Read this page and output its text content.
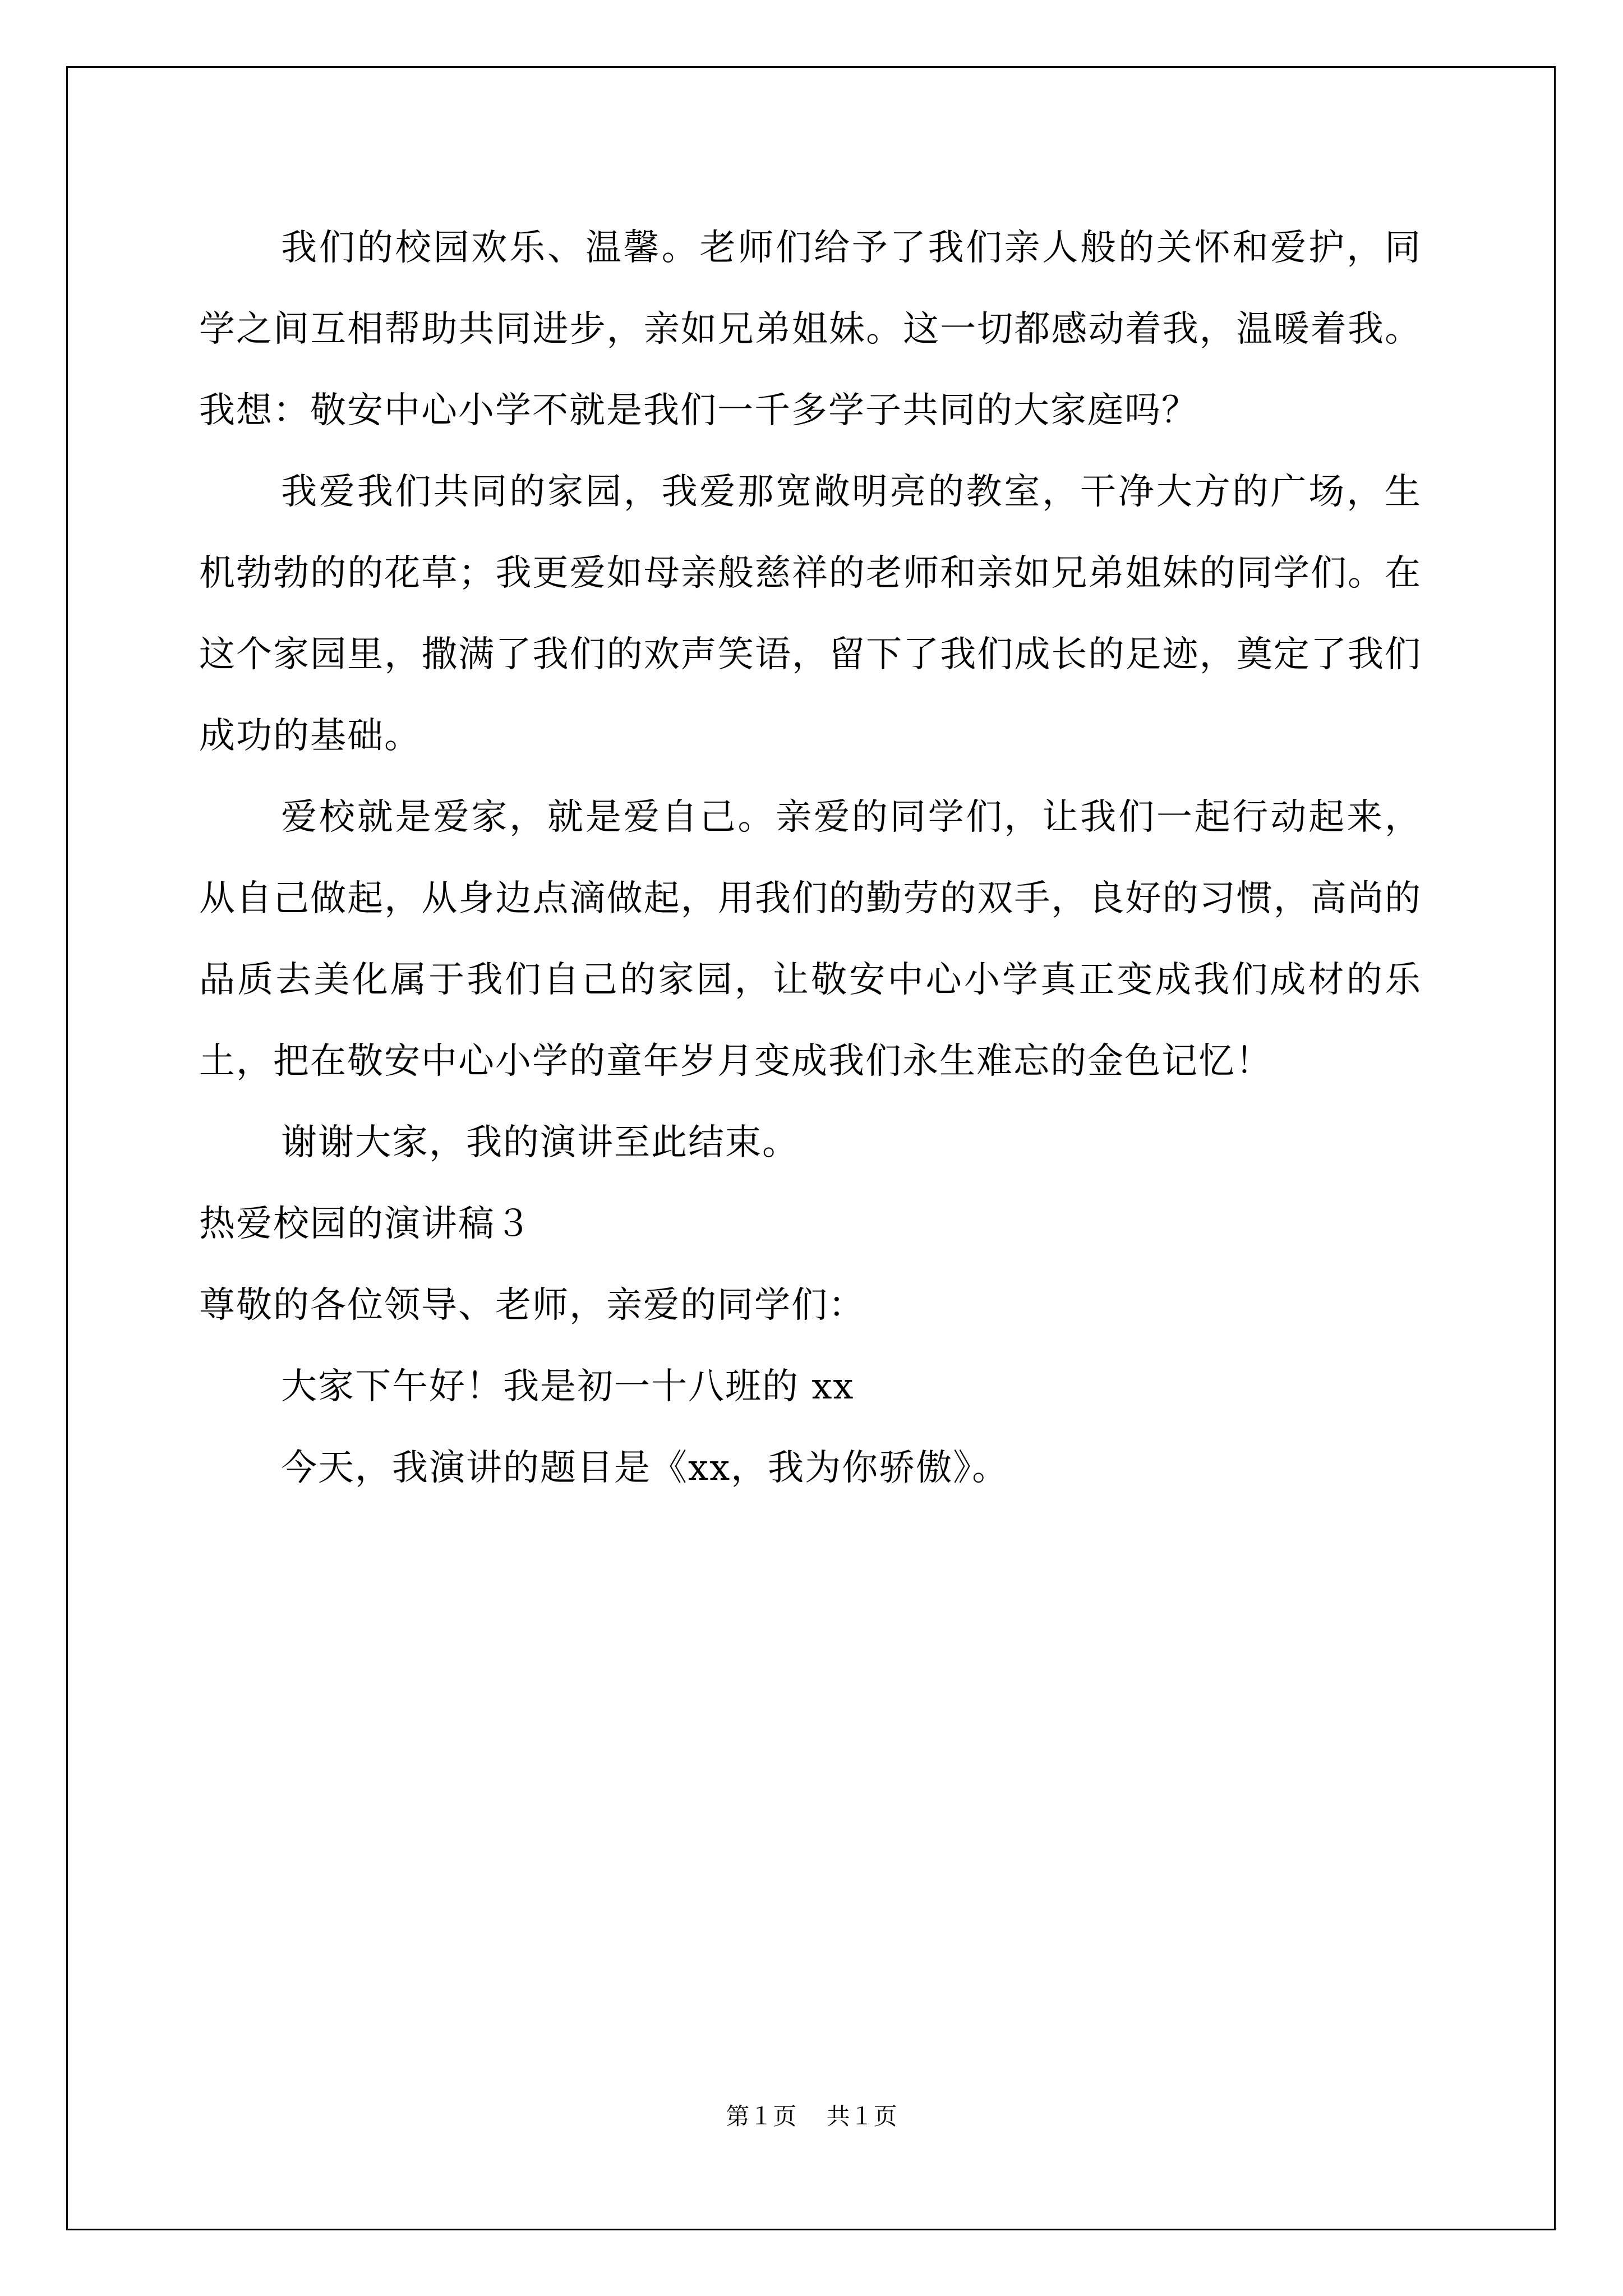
我们的校园欢乐、温馨。老师们给予了我们亲人般的关怀和爱护，同学之间互相帮助共同进步，亲如兄弟姐妹。这一切都感动着我，温暖着我。我想：敬安中心小学不就是我们一千多学子共同的大家庭吗？

我爱我们共同的家园，我爱那宽敞明亮的教室，干净大方的广场，生机勃勃的的花草；我更爱如母亲般慈祥的老师和亲如兄弟姐妹的同学们。在这个家园里，撒满了我们的欢声笑语，留下了我们成长的足迹，奠定了我们成功的基础。

爱校就是爱家，就是爱自己。亲爱的同学们，让我们一起行动起来，从自己做起，从身边点滴做起，用我们的勤劳的双手，良好的习惯，高尚的品质去美化属于我们自己的家园，让敬安中心小学真正变成我们成材的乐土，把在敬安中心小学的童年岁月变成我们永生难忘的金色记忆！

谢谢大家，我的演讲至此结束。

热爱校园的演讲稿３

尊敬的各位领导、老师，亲爱的同学们：

大家下午好！我是初一十八班的 xx

今天，我演讲的题目是《xx，我为你骄傲》。

第１页 共１页
